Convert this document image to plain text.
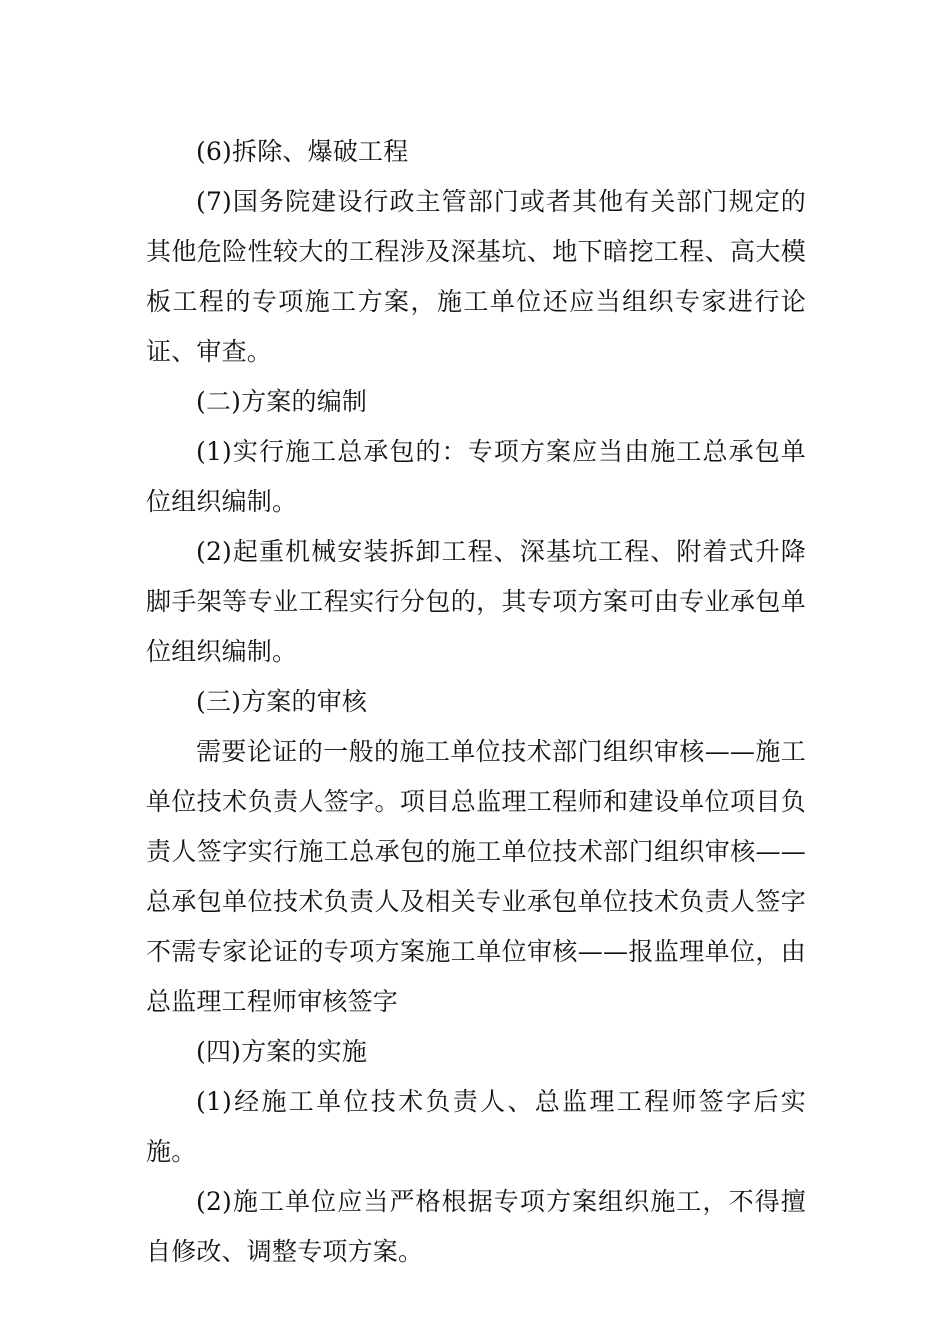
(6)拆除、爆破工程

(7)国务院建设行政主管部门或者其他有关部门规定的其他危险性较大的工程涉及深基坑、地下暗挖工程、高大模板工程的专项施工方案，施工单位还应当组织专家进行论证、审查。

(二)方案的编制

(1)实行施工总承包的：专项方案应当由施工总承包单位组织编制。

(2)起重机械安装拆卸工程、深基坑工程、附着式升降脚手架等专业工程实行分包的，其专项方案可由专业承包单位组织编制。

(三)方案的审核

需要论证的一般的施工单位技术部门组织审核——施工单位技术负责人签字。项目总监理工程师和建设单位项目负责人签字实行施工总承包的施工单位技术部门组织审核——总承包单位技术负责人及相关专业承包单位技术负责人签字不需专家论证的专项方案施工单位审核——报监理单位，由总监理工程师审核签字

(四)方案的实施

(1)经施工单位技术负责人、总监理工程师签字后实施。

(2)施工单位应当严格根据专项方案组织施工，不得擅自修改、调整专项方案。
